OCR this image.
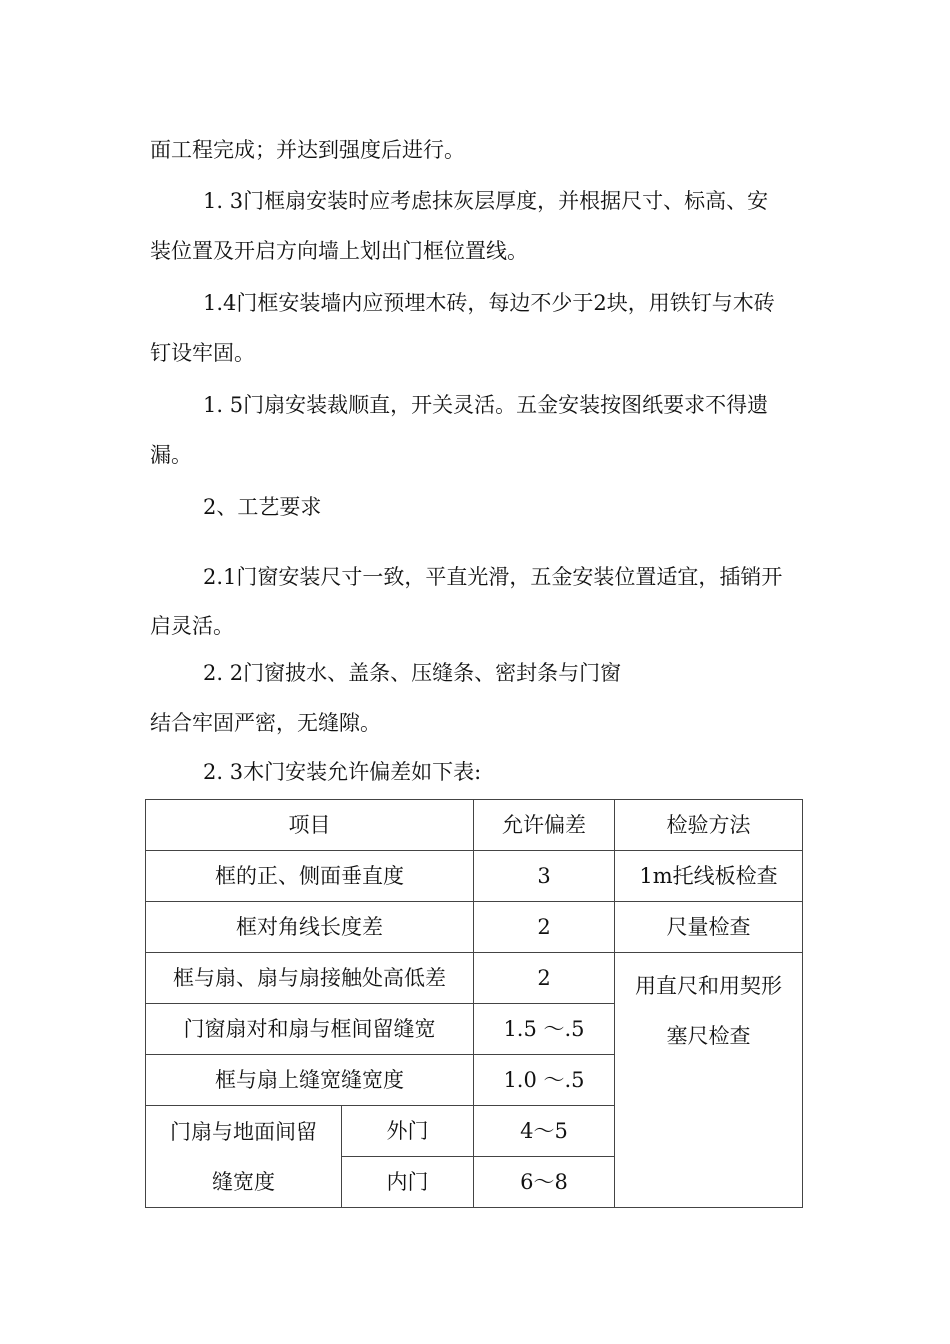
面工程完成；并达到强度后进行。

1. 3门框扇安装时应考虑抹灰层厚度，并根据尺寸、标高、安

装位置及开启方向墙上划出门框位置线。

1.4门框安装墙内应预埋木砖，每边不少于2块，用铁钉与木砖

钉设牢固。

1. 5门扇安装裁顺直，开关灵活。五金安装按图纸要求不得遗

漏。

2、工艺要求

2.1门窗安装尺寸一致，平直光滑，五金安装位置适宜，插销开

启灵活。

2. 2门窗披水、盖条、压缝条、密封条与门窗

结合牢固严密，无缝隙。

2. 3木门安装允许偏差如下表:

项目		允许偏差	检验方法
框的正、侧面垂直度		3	1m托线板检查
框对角线长度差		2	尺量检查
框与扇、扇与扇接触处高低差		2	用直尺和用契形
塞尺检查

门窗扇对和扇与框间留缝宽		1.5 〜.5	
框与扇上缝宽缝宽度		1.0 〜.5	

门扇与地面间留
缝宽度	外门	4〜5	
	内门	6〜8	
